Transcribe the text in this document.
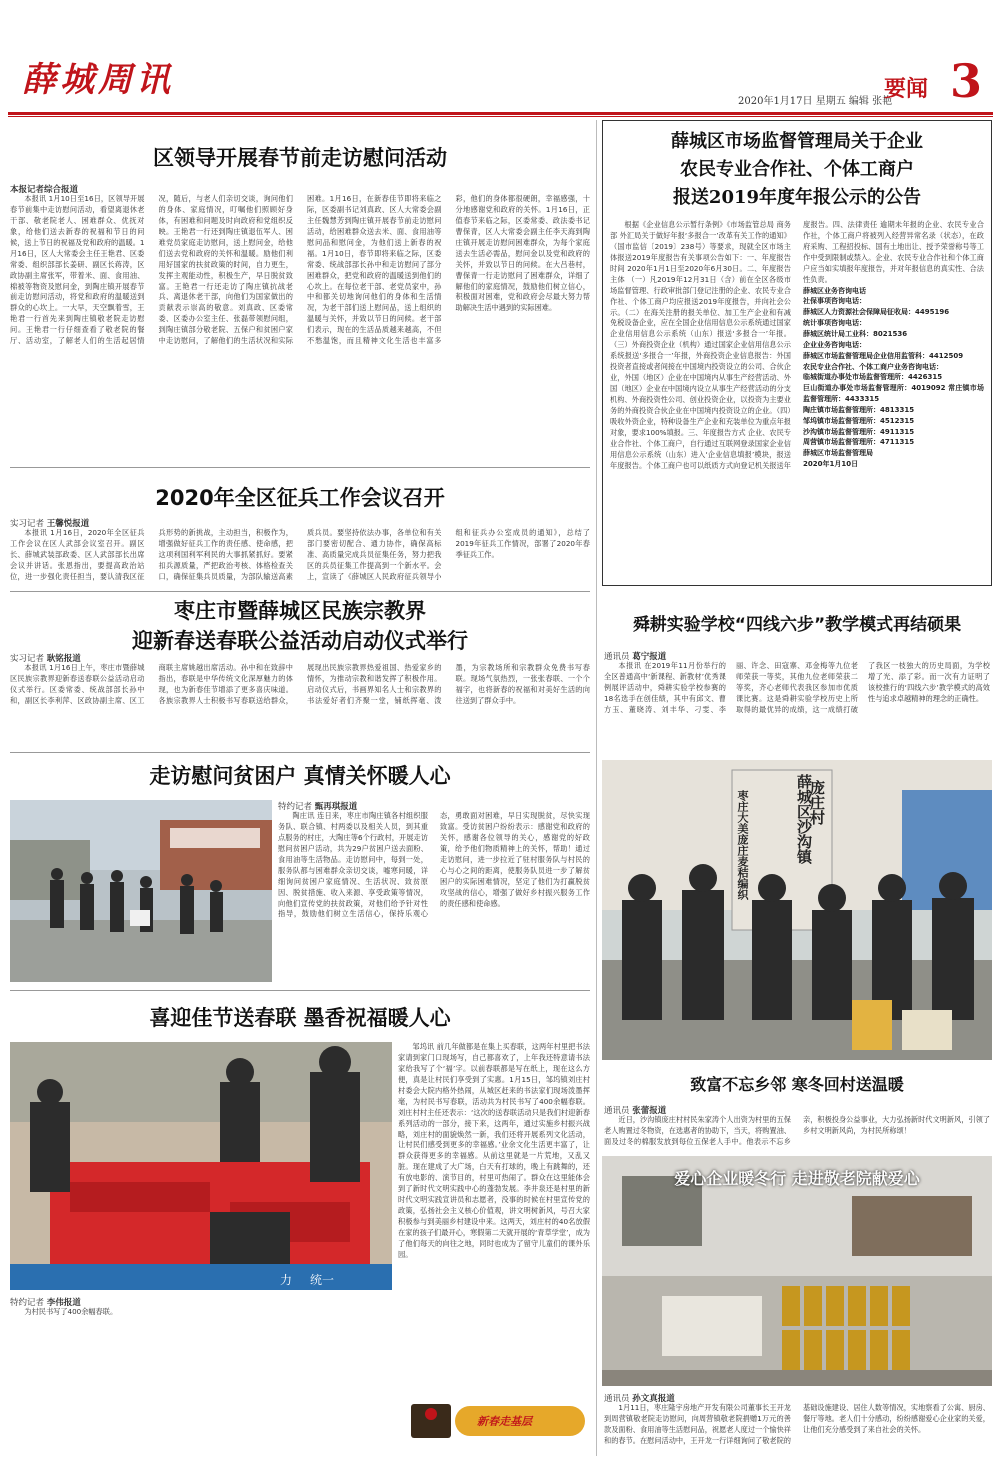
薛城周讯
2020年1月17日 星期五 编辑 张艳
要闻 3
区领导开展春节前走访慰问活动
本报记者综合报道

本报讯 1月10日至16日，区领导开展春节前集中走访慰问活动，看望离退休老干部、敬老院老人、困难群众、优抚对象，给他们送去新春的祝福和节日的问候，送上节日的祝福及党和政府的温暖。1月16日，区人大常委会主任王艳君、区委常委、组织部部长姜研、副区长蒋涛，区政协副主席张军，带着米、面、食用油、棉被等物资及慰问金，到陶庄镇开展春节前走访慰问活动，将党和政府的温暖送到群众的心坎上。一大早，天空飘着雪，王艳君一行首先来到陶庄镇敬老院走访慰问。王艳君一行仔细查看了敬老院的餐厅、活动室，了解老人们的生活起居情况，随后，与老人们亲切交谈，询问他们的身体、家庭情况，叮嘱他们照顾好身体，有困难和问题及时向政府和党组织反映。王艳君一行还到陶庄镇退伍军人、困难党员家庭走访慰问，送上慰问金，给他们送去党和政府的关怀和温暖。励他们利用好国家的扶贫政策的时间，自力更生，发挥主观能动性，积极生产，早日脱贫致富。王艳君一行还走访了陶庄镇抗战老兵、离退休老干部，向他们为国家做出的贡献表示崇高的敬意。刘真政、区委常委、区委办公室主任、张磊带领慰问组，到陶庄镇部分敬老院、五保户和贫困户家中走访慰问，了解他们的生活状况和实际困难。1月16日，在新春佳节即将来临之际，区委副书记刘真政、区人大常委会副主任魏慧芳到陶庄镇开展春节前走访慰问活动，给困难群众送去米、面、食用油等慰问品和慰问金，为他们送上新春的祝福。1月10日，春节即将来临之际，区委常委、统战部部长孙中和走访慰问了部分困难群众，把党和政府的温暖送到他们的心坎上。在每位老干部、老党员家中，孙中和都关切地询问他们的身体和生活情况，为老干部们送上慰问品，送上组织的温暖与关怀，并致以节日的问候。老干部们表示，现在的生活品质越来越高，不但不愁温饱，而且精神文化生活也丰富多彩，他们的身体都很硬朗，幸福感强，十分地感谢党和政府的关怀。1月16日，正值春节来临之际，区委常委、政法委书记曹保青，区人大常委会副主任李天海到陶庄镇开展走访慰问困难群众，为每个家庭送去生活必需品，慰问金以及党和政府的关怀，并致以节日的问候。在大吕巷村，曹保青一行走访慰问了困难群众，详细了解他们的家庭情况，鼓励他们树立信心，积极面对困难，党和政府会尽最大努力帮助解决生活中遇到的实际困难。

2020年全区征兵工作会议召开
实习记者 王馨悦报道

本报讯 1月16日，2020年全区征兵工作会议在区人武部会议室召开。副区长、薛城武装部政委、区人武部部长出席会议并讲话。张恩指出，要提高政治站位，进一步强化责任担当，要认清我区征兵形势的新挑战，主动担当，积极作为，增强做好征兵工作的责任感、使命感，把这项利国利军利民的大事抓紧抓好。要紧扣兵源质量，严把政治考核、体格检查关口，确保征集兵员质量，为部队输送高素质兵员。要坚持依法办事，各单位和有关部门要密切配合、通力协作，确保高标准、高质量完成兵员征集任务，努力把我区的兵员征集工作提高到一个新水平。会上，宣读了《薛城区人民政府征兵领导小组和征兵办公室成员的通知》，总结了2019年征兵工作情况，部署了2020年春季征兵工作。

枣庄市暨薛城区民族宗教界
迎新春送春联公益活动启动仪式举行
实习记者 耿铭报道

本报讯 1月16日上午，枣庄市暨薛城区民族宗教界迎新春送春联公益活动启动仪式举行。区委常委、统战部部长孙中和，副区长李利萍、区政协副主席、区工商联主席姚越出席活动。孙中和在致辞中指出，春联是中华传统文化深厚魅力的体现，也为新春佳节增添了更多喜庆味道。各族宗教界人士积极书写春联送给群众，展现出民族宗教界热爱祖国、热爱家乡的情怀，为推动宗教和谐发挥了积极作用。启动仪式后，书画界知名人士和宗教界的书法爱好者们齐聚一堂，铺纸挥毫、泼墨，为宗教场所和宗教群众免费书写春联。现场气氛热烈，一张张春联、一个个福字，也将新春的祝福和对美好生活的向往送到了群众手中。

走访慰问贫困户 真情关怀暖人心
特约记者 甄再琪报道

陶庄讯 连日来，枣庄市陶庄镇各村组织服务队、联合镇、村两委以及相关人员，到其重点服务的村庄，大陶庄等6个行政村，开展走访慰问贫困户活动，共为29户贫困户送去面粉、食用油等生活物品。走访慰问中，每到一处，服务队都与困难群众亲切交谈，嘘寒问暖，详细询问贫困户家庭情况、生活状况、致贫原因、脱贫措施、收入来源、享受政策等情况，向他们宣传党的扶贫政策，对他们给予针对性指导，鼓励他们树立生活信心，保持乐观心态，勇敢面对困难，早日实现脱贫，尽快实现致富。受访贫困户纷纷表示：感谢党和政府的关怀，感谢各位领导的关心，感谢党的好政策，给予他们物质精神上的关怀，帮助！通过走访慰问，进一步拉近了驻村服务队与村民的心与心之间的距离，使服务队员进一步了解贫困户的实际困难情况，坚定了他们为打赢脱贫攻坚战的信心，增强了做好乡村振兴服务工作的责任感和使命感。

喜迎佳节送春联 墨香祝福暖人心
统一
力

邹坞讯 前几年做都是在集上买春联，这两年村里把书法家请到家门口现场写，自己都喜欢了，上年我还特意请书法家给我写了个‘福’字。以前春联都是写在纸上，现在这么方便，真是让村民们享受到了实惠。1月15日，邹坞镇刘庄村村委会大院内格外热闹，从城区赶来的书法家们现场泼墨挥毫，为村民书写春联，活动共为村民书写了400余幅春联。刘庄村村主任还表示：‘这次的送春联活动只是我们村迎新春系列活动的一部分，接下来，这两年，通过实施乡村振兴战略，刘庄村的面貌焕然一新，我们还将开展系列文化活动，让村民们感受到更多的幸福感。’业余文化生活更丰富了，让群众获得更多的幸福感。从前这里就是一片荒地，又乱又脏。现在建成了大广场，白天有打球的，晚上有跳舞的，还有放电影的、演节目的，村里可热闹了。群众在这里能体会到了新时代文明实践中心的蓬勃发展。李井泉还是村里的新时代文明实践宣讲员和志愿者，没事的时候在村里宣传党的政策，弘扬社会主义核心价值观，讲文明树新风，号召大家积极参与到美丽乡村建设中来。这两天，刘庄村的40名放假在家的孩子们最开心，寒假第二天就开展的‘青草学堂’，成为了他们每天的向往之地，同时也成为了留守儿童们的课外乐园。

特约记者 李伟报道

为村民书写了400余幅春联。

新春走基层
薛城区市场监督管理局关于企业
农民专业合作社、个体工商户
报送2019年度年报公示的公告

根据《企业信息公示暂行条例》《市场监管总局 商务部 外汇局关于做好年报‘多报合一’改革有关工作的通知》（国市监信〔2019〕238号）等要求，现就全区市场主体报送2019年度报告有关事项公告如下：一、年度报告时间 2020年1月1日至2020年6月30日。二、年度报告主体 （一）凡2019年12月31日（含）前在全区各级市场监督管理、行政审批部门登记注册的企业、农民专业合作社、个体工商户均应报送2019年度报告，并向社会公示。（二）在海关注册的报关单位、加工生产企业和有减免税设备企业，应在全国企业信用信息公示系统通过国家企业信用信息公示系统（山东）报送‘多报合一’年报。（三）外商投资企业（机构）通过国家企业信用信息公示系统报送‘多报合一’年报，外商投资企业信息报告：外国投资者直接或者间接在中国境内投资设立的公司、合伙企业，外国（地区）企业在中国境内从事生产经营活动、外国（地区）企业在中国境内设立从事生产经营活动的分支机构、外商投资性公司、创业投资企业，以投资为主要业务的外商投资合伙企业在中国境内投资设立的企业。（四）吸收外资企业，特种设备生产企业和充装单位为重点年报对象，要求100%填报。三、年度报告方式 企业、农民专业合作社、个体工商户，自行通过互联网登录国家企业信用信息公示系统（山东）进入‘企业信息填报’模块，报送年度报告。个体工商户也可以纸质方式向登记机关报送年度报告。四、法律责任 逾期未年报的企业、农民专业合作社，个体工商户将被列入经营异常名录（状态），在政府采购、工程招投标、国有土地出让、授予荣誉称号等工作中受到限制或禁入。企业、农民专业合作社和个体工商户应当如实填报年度报告，并对年报信息的真实性、合法性负责。

薛城区业务咨询电话
社保事项咨询电话：
薛城区人力资源社会保障局征收局：4495196
统计事项咨询电话：
薛城区统计局工业科：8021536
企业业务咨询电话：
薛城区市场监督管理局企业信用监管科：4412509
农民专业合作社、个体工商户业务咨询电话：
临城街道办事处市场监督管理所：4426315
巨山街道办事处市场监督管理所：4019092 常庄镇市场监督管理所：4433315
陶庄镇市场监督管理所：4813315
邹坞镇市场监督管理所：4512315
沙沟镇市场监督管理所：4911315
周营镇市场监督管理所：4711315
薛城区市场监督管理局
2020年1月10日
舜耕实验学校“四线六步”教学模式再结硕果
通讯员 葛宁报道

本报讯 在2019年11月份举行的全区普通高中‘新课程、新教材’优秀课例展评活动中，舜耕实验学校参赛的18名选手在创佳绩，其中有邱文、曹方玉、董晓涛、刘丰华、刁雯、李丽、许念、田寇寨、邓金梅等九位老师荣获一等奖，其他九位老师荣获二等奖，齐心老师代表我区参加市优质课比赛。这是舜耕实验学校历史上所取得的最优异的成绩，这一成绩打破了我区一枝独大的历史局面，为学校增了光、添了彩。而一次有力证明了该校推行的‘四线六步’教学模式的高效性与追求卓越精神的理念的正确性。

薛城区沙沟镇
庞庄村
枣庄大美庞庄麦秸编织
致富不忘乡邻 寒冬回村送温暖
通讯员 张蕾报道

近日，沙沟镇庞庄村村民朱家涛个人出资为村里的五保老人购置过冬物资，在选惠者的协助下，当天，将购置油、面及过冬的棉服发放到每位五保老人手中。他表示不忘乡亲，积极投身公益事业，大力弘扬新时代文明新风，引领了乡村文明新风尚，为村民所称颂！

爱心企业暖冬行 走进敬老院献爱心
通讯员 孙文真报道

1月11日，枣庄隆宇房地产开发有限公司董事长王开龙到周营镇敬老院走访慰问，向周营镇敬老院捐赠1万元的善款及面粉、食用油等生活慰问品，祝愿老人度过一个愉快祥和的春节。在慰问活动中，王开龙一行详细询问了敬老院的基础设施建设、居住人数等情况，实地察看了公寓、厨房、餐厅等地。老人们十分感动，纷纷感谢爱心企业家的关爱，让他们充分感受到了来自社会的关怀。
